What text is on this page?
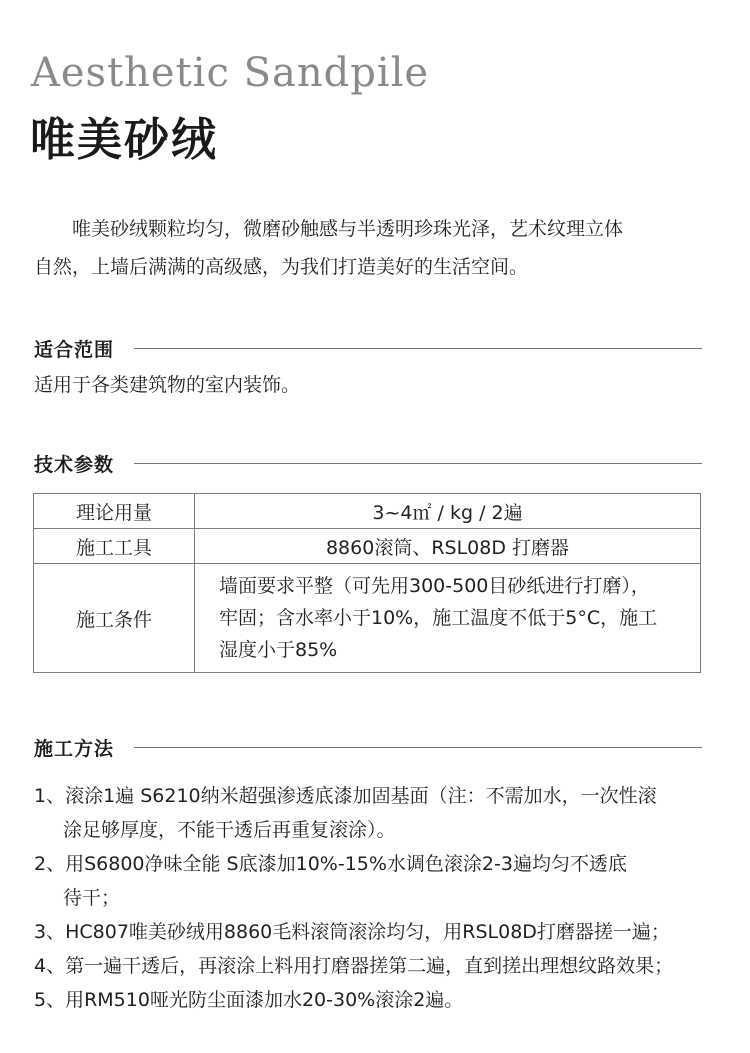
Aesthetic Sandpile
唯美砂绒

唯美砂绒颗粒均匀，微磨砂触感与半透明珍珠光泽，艺术纹理立体

自然，上墙后满满的高级感，为我们打造美好的生活空间。

适合范围
适用于各类建筑物的室内装饰。
技术参数
理论用量	3~4㎡ / kg / 2遍
施工工具	8860滚筒、RSL08D 打磨器
施工条件	墙面要求平整（可先用300-500目砂纸进行打磨），
牢固；含水率小于10%，施工温度不低于5°C，施工
湿度小于85%
施工方法
1、滚涂1遍 S6210纳米超强渗透底漆加固基面（注：不需加水，一次性滚
涂足够厚度，不能干透后再重复滚涂）。
2、用S6800净味全能 S底漆加10%-15%水调色滚涂2-3遍均匀不透底
待干；
3、HC807唯美砂绒用8860毛料滚筒滚涂均匀，用RSL08D打磨器搓一遍；
4、第一遍干透后，再滚涂上料用打磨器搓第二遍，直到搓出理想纹路效果；
5、用RM510哑光防尘面漆加水20-30%滚涂2遍。
